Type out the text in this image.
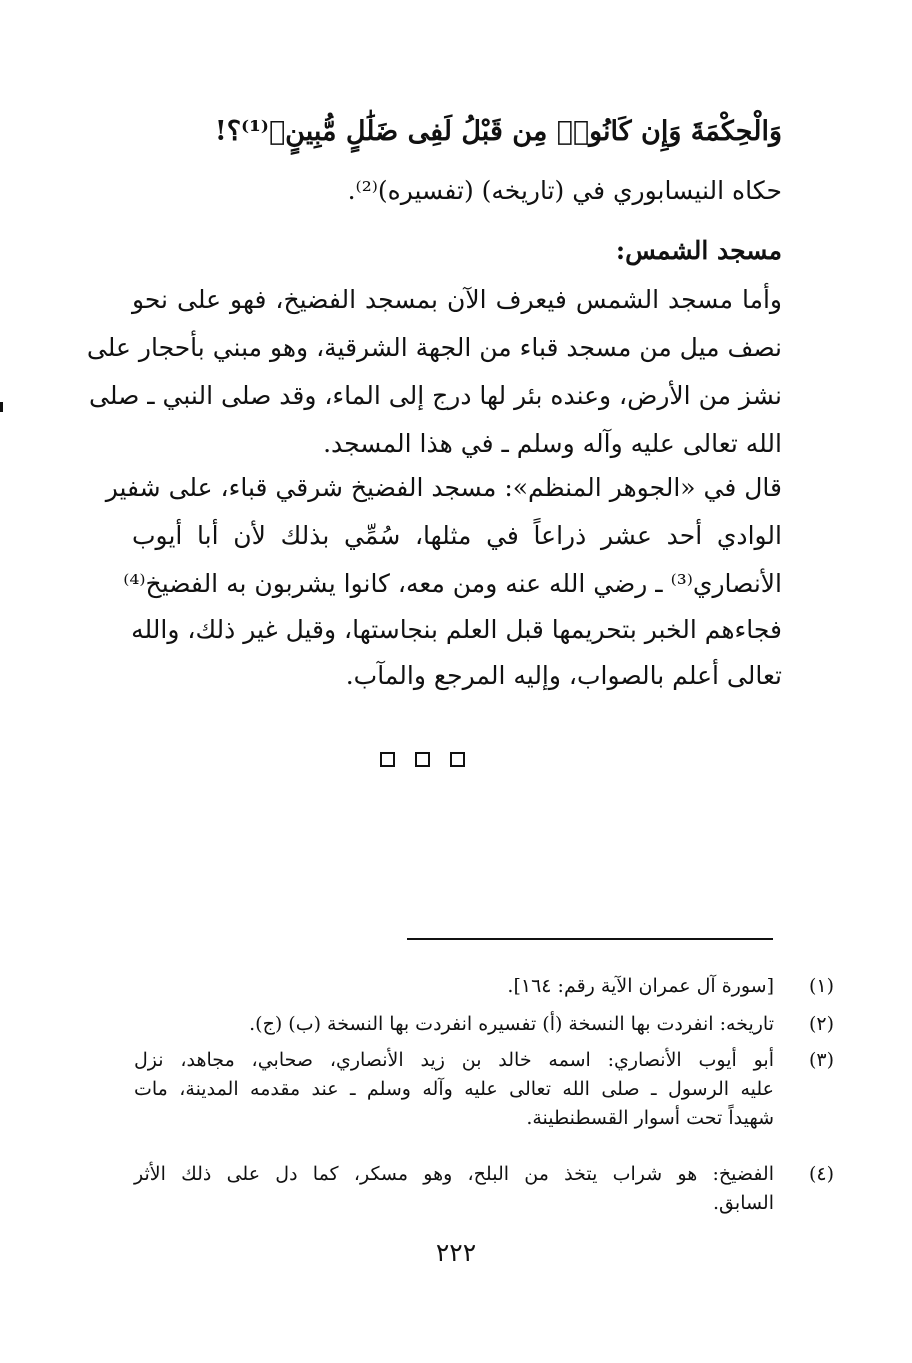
وَالْحِكْمَةَ وَإِن كَانُوا۟ مِن قَبْلُ لَفِى ضَلَٰلٍ مُّبِينٍ﴾⁽¹⁾؟!
حكاه النيسابوري في (تاريخه) (تفسيره)⁽²⁾.
مسجد الشمس:
وأما مسجد الشمس فيعرف الآن بمسجد الفضيخ، فهو على نحو
نصف ميل من مسجد قباء من الجهة الشرقية، وهو مبني بأحجار على
نشز من الأرض، وعنده بئر لها درج إلى الماء، وقد صلى النبي ـ صلى
الله تعالى عليه وآله وسلم ـ في هذا المسجد.
قال في «الجوهر المنظم»: مسجد الفضيخ شرقي قباء، على شفير
الوادي أحد عشر ذراعاً في مثلها، سُمِّي بذلك لأن أبا أيوب
الأنصاري⁽³⁾ ـ رضي الله عنه ومن معه، كانوا يشربون به الفضيخ⁽⁴⁾
فجاءهم الخبر بتحريمها قبل العلم بنجاستها، وقيل غير ذلك، والله
تعالى أعلم بالصواب، وإليه المرجع والمآب.
(١)
[سورة آل عمران الآية رقم: ١٦٤].
(٢)
تاريخه: انفردت بها النسخة (أ) تفسيره انفردت بها النسخة (ب) (ج).
(٣)
أبو أيوب الأنصاري: اسمه خالد بن زيد الأنصاري، صحابي، مجاهد، نزل
عليه الرسول ـ صلى الله تعالى عليه وآله وسلم ـ عند مقدمه المدينة، مات
شهيداً تحت أسوار القسطنطينة.
(٤)
الفضيخ: هو شراب يتخذ من البلح، وهو مسكر، كما دل على ذلك الأثر
السابق.
٢٢٢
